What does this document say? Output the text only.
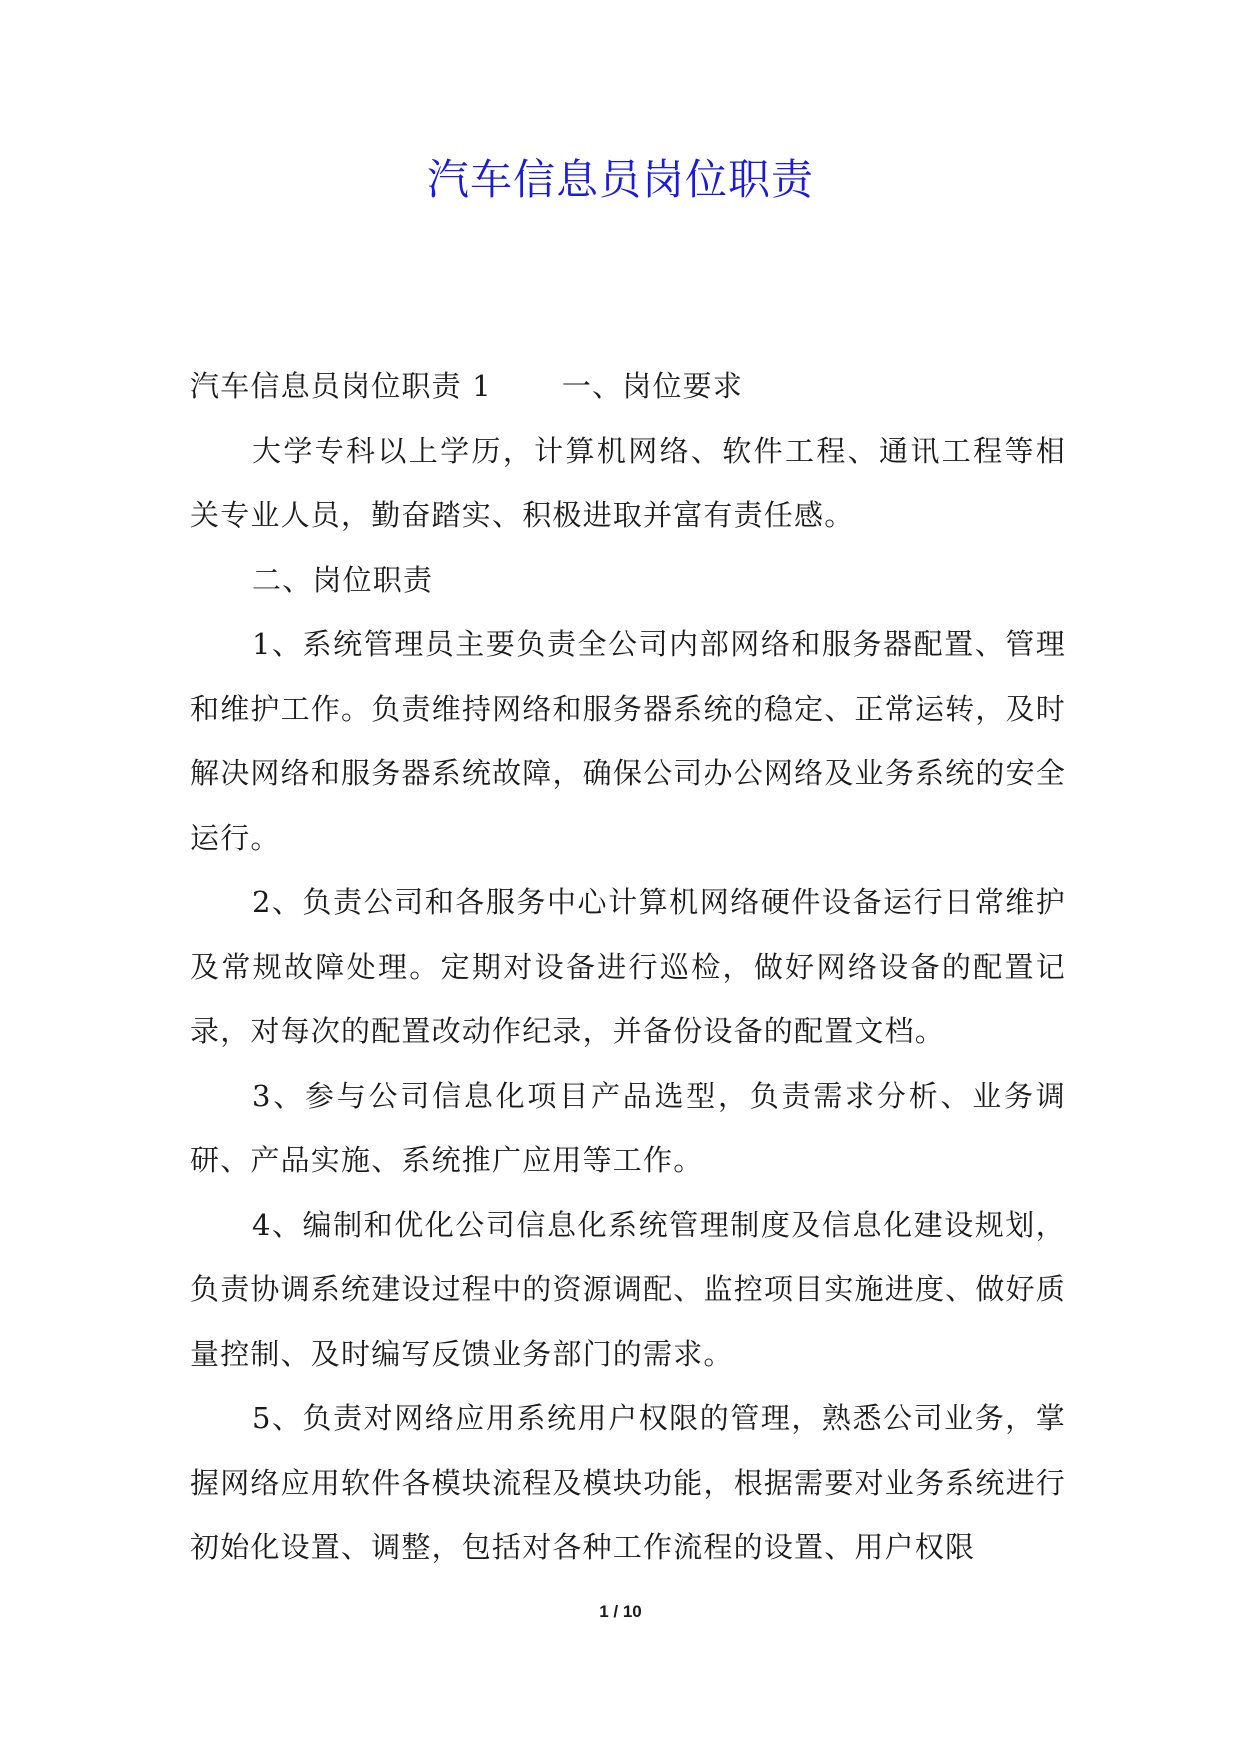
汽车信息员岗位职责

汽车信息员岗位职责 1 一、岗位要求

大学专科以上学历，计算机网络、软件工程、通讯工程等相关专业人员，勤奋踏实、积极进取并富有责任感。

二、岗位职责

1、系统管理员主要负责全公司内部网络和服务器配置、管理和维护工作。负责维持网络和服务器系统的稳定、正常运转，及时解决网络和服务器系统故障，确保公司办公网络及业务系统的安全运行。

2、负责公司和各服务中心计算机网络硬件设备运行日常维护及常规故障处理。定期对设备进行巡检，做好网络设备的配置记录，对每次的配置改动作纪录，并备份设备的配置文档。

3、参与公司信息化项目产品选型，负责需求分析、业务调研、产品实施、系统推广应用等工作。

4、编制和优化公司信息化系统管理制度及信息化建设规划，负责协调系统建设过程中的资源调配、监控项目实施进度、做好质量控制、及时编写反馈业务部门的需求。

5、负责对网络应用系统用户权限的管理，熟悉公司业务，掌握网络应用软件各模块流程及模块功能，根据需要对业务系统进行初始化设置、调整，包括对各种工作流程的设置、用户权限

1 / 10
